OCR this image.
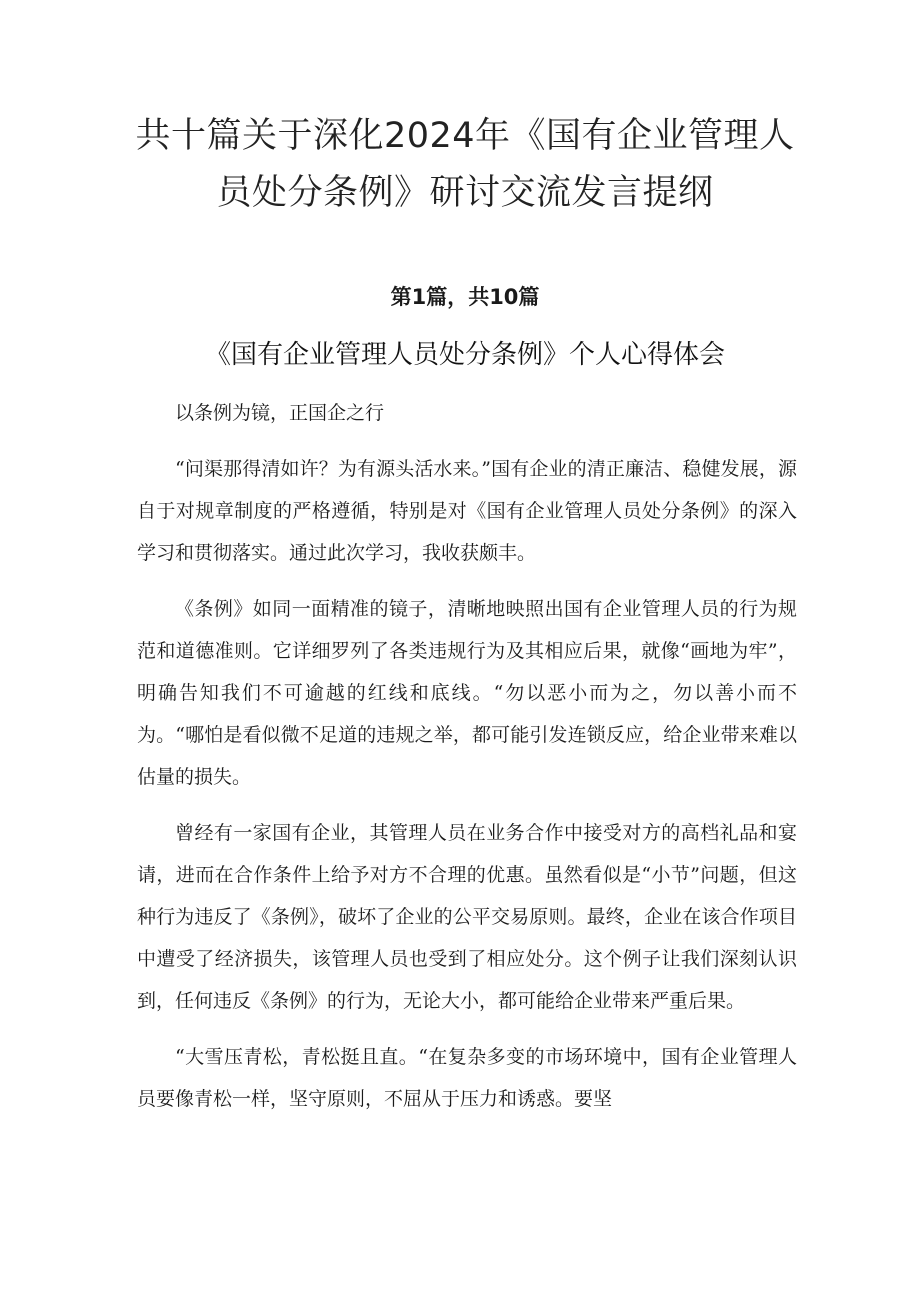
共十篇关于深化2024年《国有企业管理人员处分条例》研讨交流发言提纲
第1篇，共10篇
《国有企业管理人员处分条例》个人心得体会

以条例为镜，正国企之行

“问渠那得清如许？为有源头活水来。”国有企业的清正廉洁、稳健发展，源自于对规章制度的严格遵循，特别是对《国有企业管理人员处分条例》的深入学习和贯彻落实。通过此次学习，我收获颇丰。

《条例》如同一面精准的镜子，清晰地映照出国有企业管理人员的行为规范和道德准则。它详细罗列了各类违规行为及其相应后果，就像“画地为牢”，明确告知我们不可逾越的红线和底线。“勿以恶小而为之，勿以善小而不为。“哪怕是看似微不足道的违规之举，都可能引发连锁反应，给企业带来难以估量的损失。

曾经有一家国有企业，其管理人员在业务合作中接受对方的高档礼品和宴请，进而在合作条件上给予对方不合理的优惠。虽然看似是“小节”问题，但这种行为违反了《条例》，破坏了企业的公平交易原则。最终，企业在该合作项目中遭受了经济损失，该管理人员也受到了相应处分。这个例子让我们深刻认识到，任何违反《条例》的行为，无论大小，都可能给企业带来严重后果。

“大雪压青松，青松挺且直。“在复杂多变的市场环境中，国有企业管理人员要像青松一样，坚守原则，不屈从于压力和诱惑。要坚
